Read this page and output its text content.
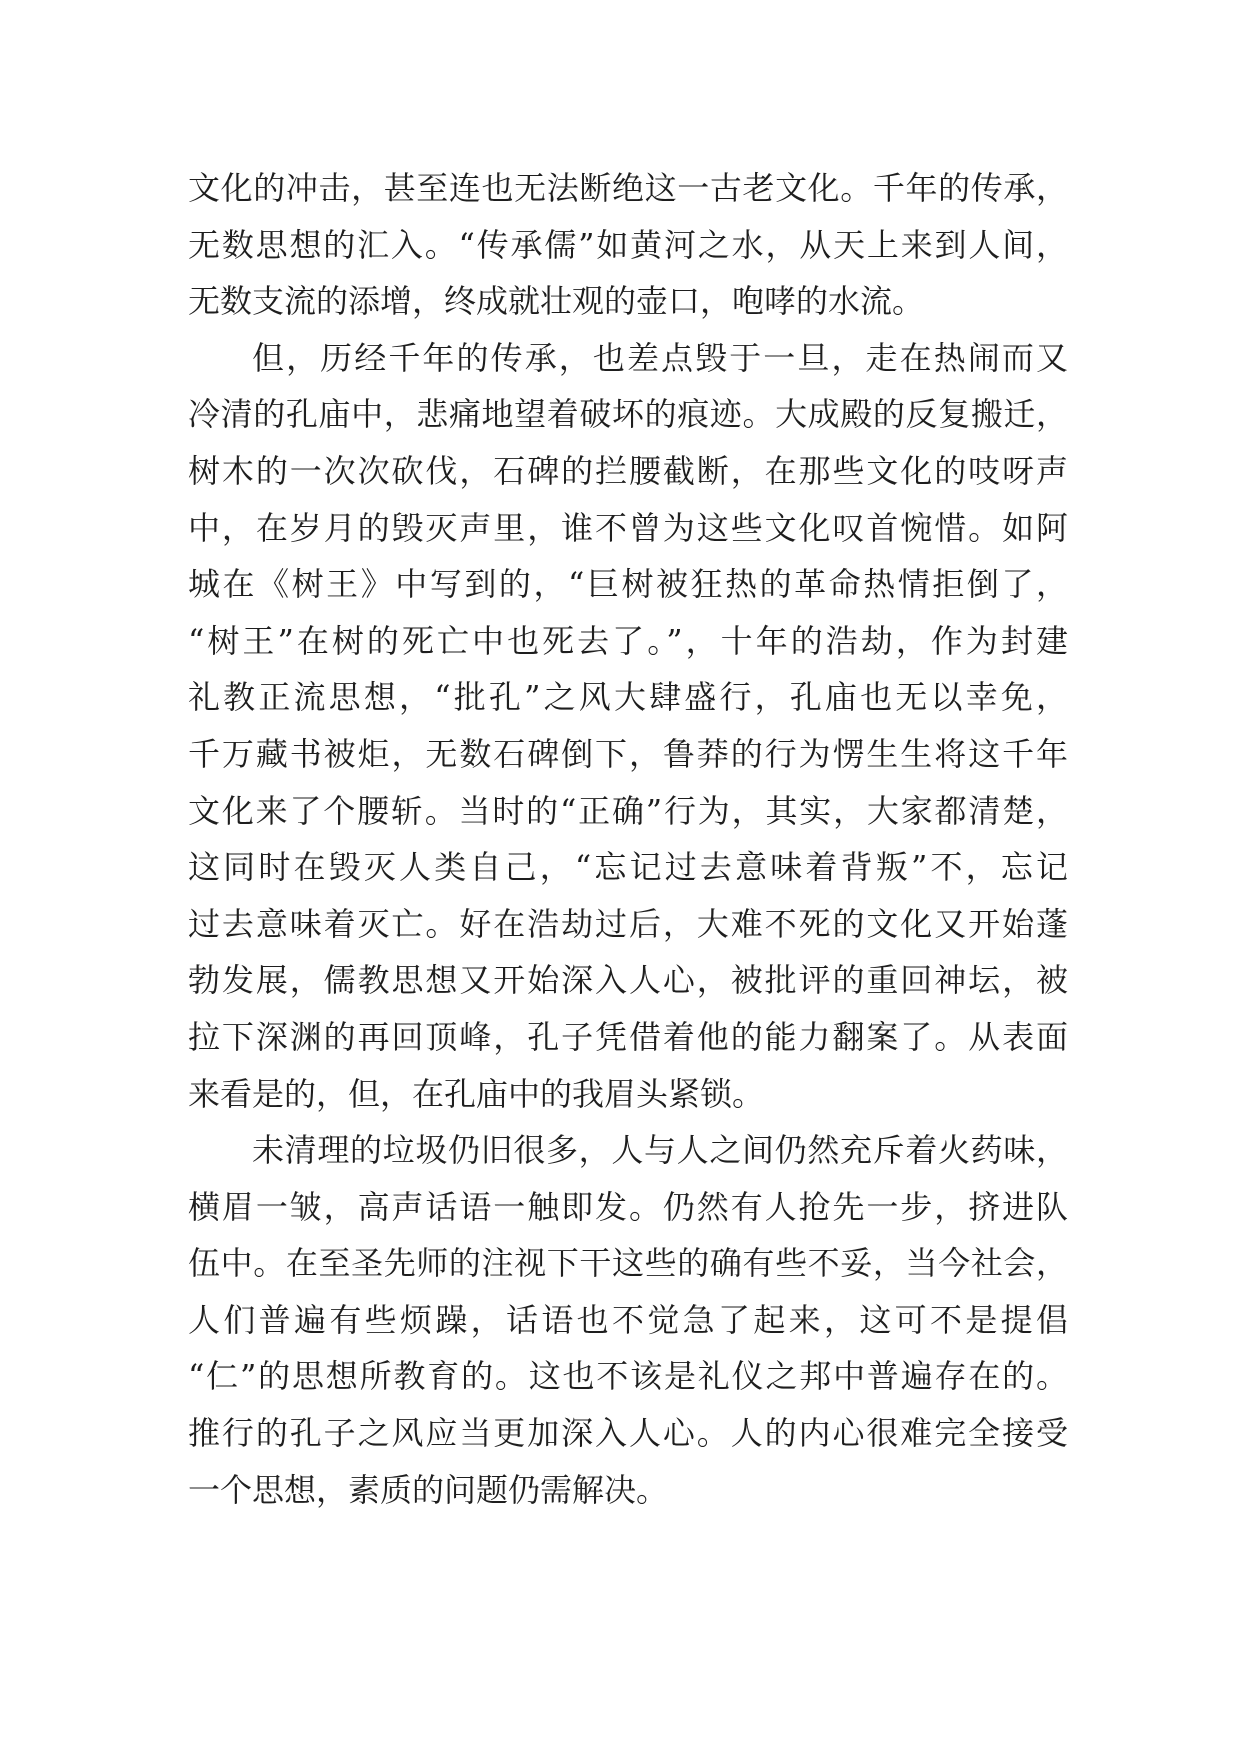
文化的冲击，甚至连也无法断绝这一古老文化。千年的传承，
无数思想的汇入。“传承儒”如黄河之水，从天上来到人间，
无数支流的添增，终成就壮观的壶口，咆哮的水流。
但，历经千年的传承，也差点毁于一旦，走在热闹而又
冷清的孔庙中，悲痛地望着破坏的痕迹。大成殿的反复搬迁，
树木的一次次砍伐，石碑的拦腰截断，在那些文化的吱呀声
中，在岁月的毁灭声里，谁不曾为这些文化叹首惋惜。如阿
城在《树王》中写到的，“巨树被狂热的革命热情拒倒了，
“树王”在树的死亡中也死去了。”，十年的浩劫，作为封建
礼教正流思想，“批孔”之风大肆盛行，孔庙也无以幸免，
千万藏书被炬，无数石碑倒下，鲁莽的行为愣生生将这千年
文化来了个腰斩。当时的“正确”行为，其实，大家都清楚，
这同时在毁灭人类自己，“忘记过去意味着背叛”不，忘记
过去意味着灭亡。好在浩劫过后，大难不死的文化又开始蓬
勃发展，儒教思想又开始深入人心，被批评的重回神坛，被
拉下深渊的再回顶峰，孔子凭借着他的能力翻案了。从表面
来看是的，但，在孔庙中的我眉头紧锁。
未清理的垃圾仍旧很多，人与人之间仍然充斥着火药味，
横眉一皱，高声话语一触即发。仍然有人抢先一步，挤进队
伍中。在至圣先师的注视下干这些的确有些不妥，当今社会，
人们普遍有些烦躁，话语也不觉急了起来，这可不是提倡
“仁”的思想所教育的。这也不该是礼仪之邦中普遍存在的。
推行的孔子之风应当更加深入人心。人的内心很难完全接受
一个思想，素质的问题仍需解决。
